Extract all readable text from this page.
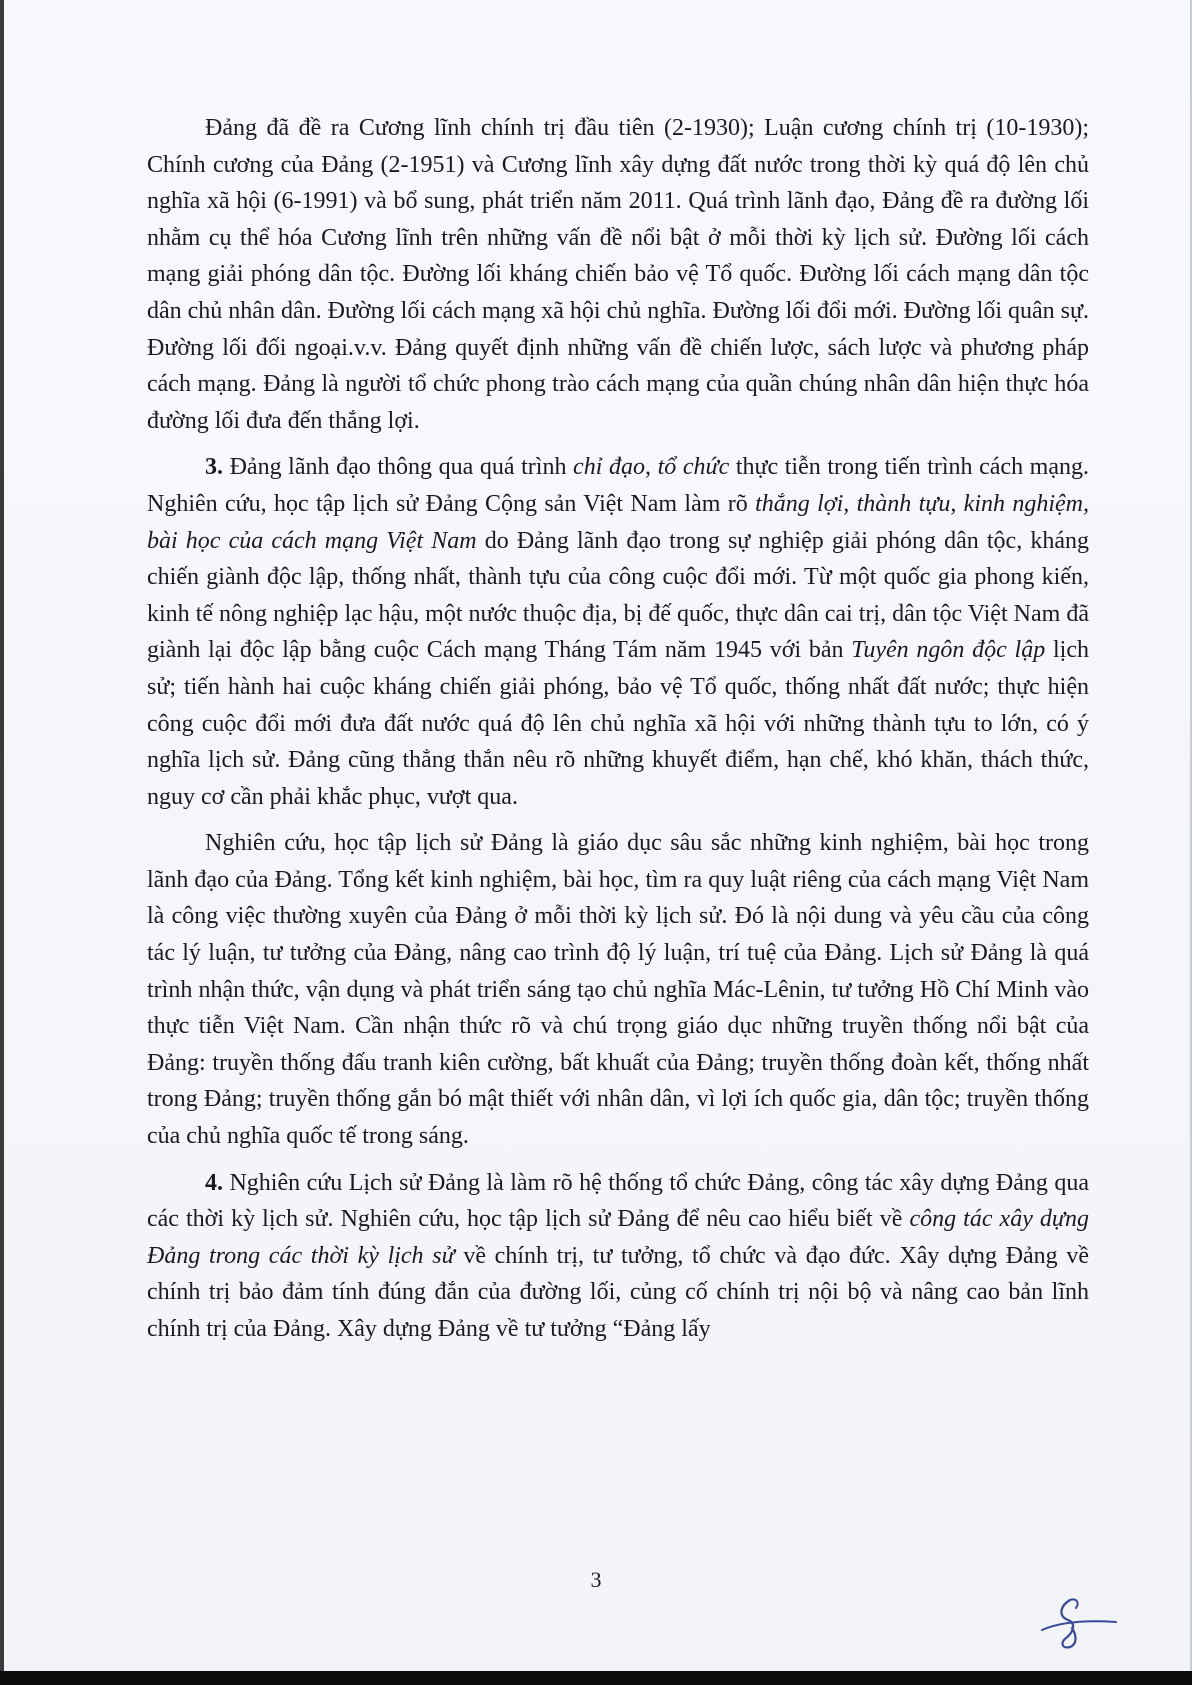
Đảng đã đề ra Cương lĩnh chính trị đầu tiên (2-1930); Luận cương chính trị (10-1930); Chính cương của Đảng (2-1951) và Cương lĩnh xây dựng đất nước trong thời kỳ quá độ lên chủ nghĩa xã hội (6-1991) và bổ sung, phát triển năm 2011. Quá trình lãnh đạo, Đảng đề ra đường lối nhằm cụ thể hóa Cương lĩnh trên những vấn đề nổi bật ở mỗi thời kỳ lịch sử. Đường lối cách mạng giải phóng dân tộc. Đường lối kháng chiến bảo vệ Tổ quốc. Đường lối cách mạng dân tộc dân chủ nhân dân. Đường lối cách mạng xã hội chủ nghĩa. Đường lối đổi mới. Đường lối quân sự. Đường lối đối ngoại.v.v. Đảng quyết định những vấn đề chiến lược, sách lược và phương pháp cách mạng. Đảng là người tổ chức phong trào cách mạng của quần chúng nhân dân hiện thực hóa đường lối đưa đến thắng lợi.

3. Đảng lãnh đạo thông qua quá trình chỉ đạo, tổ chức thực tiễn trong tiến trình cách mạng. Nghiên cứu, học tập lịch sử Đảng Cộng sản Việt Nam làm rõ thắng lợi, thành tựu, kinh nghiệm, bài học của cách mạng Việt Nam do Đảng lãnh đạo trong sự nghiệp giải phóng dân tộc, kháng chiến giành độc lập, thống nhất, thành tựu của công cuộc đổi mới. Từ một quốc gia phong kiến, kinh tế nông nghiệp lạc hậu, một nước thuộc địa, bị đế quốc, thực dân cai trị, dân tộc Việt Nam đã giành lại độc lập bằng cuộc Cách mạng Tháng Tám năm 1945 với bản Tuyên ngôn độc lập lịch sử; tiến hành hai cuộc kháng chiến giải phóng, bảo vệ Tổ quốc, thống nhất đất nước; thực hiện công cuộc đổi mới đưa đất nước quá độ lên chủ nghĩa xã hội với những thành tựu to lớn, có ý nghĩa lịch sử. Đảng cũng thẳng thắn nêu rõ những khuyết điểm, hạn chế, khó khăn, thách thức, nguy cơ cần phải khắc phục, vượt qua.

Nghiên cứu, học tập lịch sử Đảng là giáo dục sâu sắc những kinh nghiệm, bài học trong lãnh đạo của Đảng. Tổng kết kinh nghiệm, bài học, tìm ra quy luật riêng của cách mạng Việt Nam là công việc thường xuyên của Đảng ở mỗi thời kỳ lịch sử. Đó là nội dung và yêu cầu của công tác lý luận, tư tưởng của Đảng, nâng cao trình độ lý luận, trí tuệ của Đảng. Lịch sử Đảng là quá trình nhận thức, vận dụng và phát triển sáng tạo chủ nghĩa Mác-Lênin, tư tưởng Hồ Chí Minh vào thực tiễn Việt Nam. Cần nhận thức rõ và chú trọng giáo dục những truyền thống nổi bật của Đảng: truyền thống đấu tranh kiên cường, bất khuất của Đảng; truyền thống đoàn kết, thống nhất trong Đảng; truyền thống gắn bó mật thiết với nhân dân, vì lợi ích quốc gia, dân tộc; truyền thống của chủ nghĩa quốc tế trong sáng.

4. Nghiên cứu Lịch sử Đảng là làm rõ hệ thống tổ chức Đảng, công tác xây dựng Đảng qua các thời kỳ lịch sử. Nghiên cứu, học tập lịch sử Đảng để nêu cao hiểu biết về công tác xây dựng Đảng trong các thời kỳ lịch sử về chính trị, tư tưởng, tổ chức và đạo đức. Xây dựng Đảng về chính trị bảo đảm tính đúng đắn của đường lối, củng cố chính trị nội bộ và nâng cao bản lĩnh chính trị của Đảng. Xây dựng Đảng về tư tưởng “Đảng lấy

3
